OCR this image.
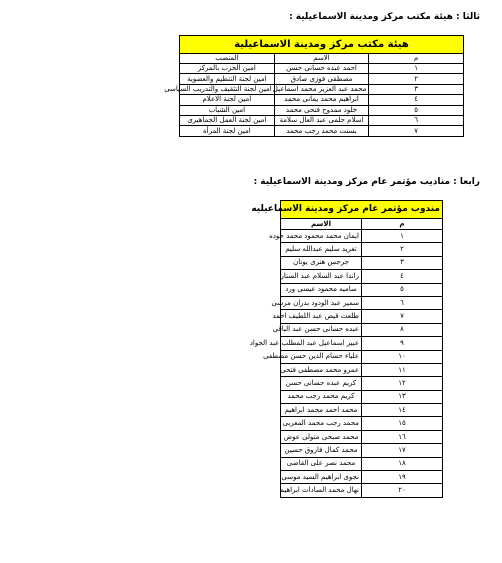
ثالثا : هيئة مكتب مركز ومدينة الاسماعيلية :
هيئة مكتب مركز ومدينة الاسماعيلية		
م	الاسم	المنصب
١	احمد عبده حسانى حسن	امين الحزب بالمركز
٢	مصطفى فوزى صادق	امين لجنة التنظيم والعضوية
٣	محمد عبد العزيز محمد اسماعيل	امين لجنة التثقيف والتدريب السياسى
٤	ابراهيم محمد يمانى محمد	امين لجنة الاعلام
٥	خلود ممدوح فتحى محمد	امين الشباب
٦	اسلام حلمى عبد العال سلامة	امين لجنة العمل الجماهيرى
٧	بسنت محمد رجب محمد	امين لجنة المرأة
رابعا : مناديب مؤتمر عام مركز ومدينة الاسماعيلية :
مندوب مؤتمر عام مركز ومدينة الاسماعيليه	
م	الاسم
١	ايمان محمد محمود محمد جوده
٢	تغريد سليم عبدالله سليم
٣	جرجس هنرى يونان
٤	راندا عبد السلام عبد الستار
٥	ساميه محمود عيسى ورد
٦	سمير عبد الودود بدران مرسى
٧	طلعت قيص عبد اللطيف احمد
٨	عبده حسانى حسن عبد الباقى
٩	عبير اسماعيل عبد المطلب عبد الجواد
١٠	علياء حسام الدين حسن مصطفى
١١	عمرو محمد مصطفى فتحى
١٢	كريم عبده حسانى حسن
١٣	كريم محمد رجب محمد
١٤	محمد احمد محمد ابراهيم
١٥	محمد رجب محمد المغربى
١٦	محمد صبحى متولى عوض
١٧	محمد كمال فاروق حسين
١٨	محمد نصر على القاضى
١٩	نجوى ابراهيم السيد موسى
٢٠	نهال محمد السادات ابراهيم
